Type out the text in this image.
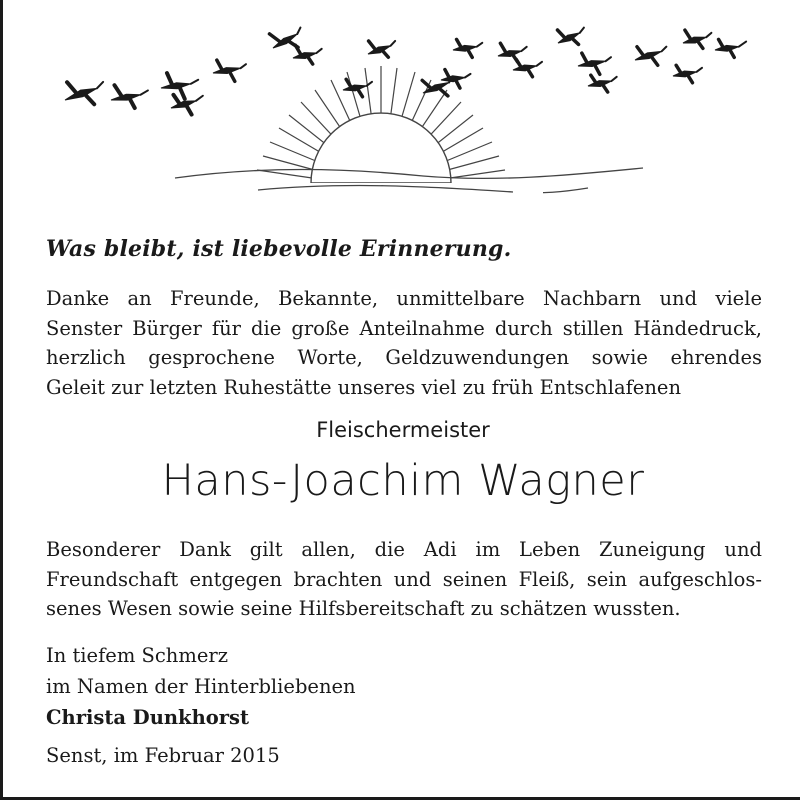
Was bleibt, ist liebevolle Erinnerung.
Danke an Freunde, Bekannte, unmittelbare Nachbarn und viele
Senster Bürger für die große Anteilnahme durch stillen Händedruck,
herzlich gesprochene Worte, Geldzuwendungen sowie ehrendes
Geleit zur letzten Ruhestätte unseres viel zu früh Entschlafenen
Fleischermeister
Hans-Joachim Wagner
Besonderer Dank gilt allen, die Adi im Leben Zuneigung und
Freundschaft entgegen brachten und seinen Fleiß, sein aufgeschlos-
senes Wesen sowie seine Hilfsbereitschaft zu schätzen wussten.
In tiefem Schmerz
im Namen der Hinterbliebenen
Christa Dunkhorst
Senst, im Februar 2015
